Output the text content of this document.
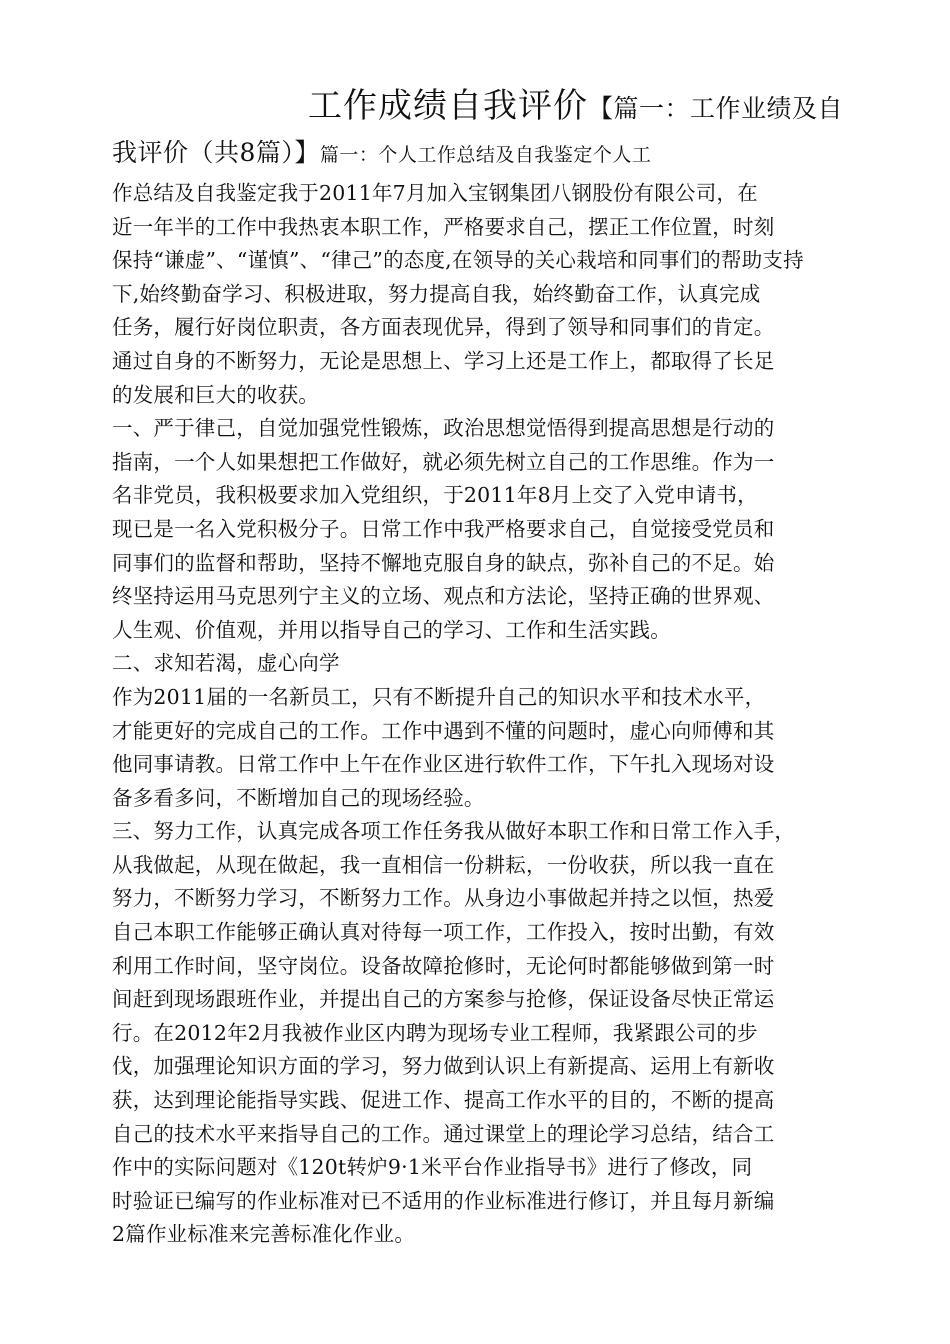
工作成绩自我评价【篇一：工作业绩及自我评价（共8篇）】篇一：个人工作总结及自我鉴定个人工

作总结及自我鉴定我于2011年7月加入宝钢集团八钢股份有限公司，在

近一年半的工作中我热衷本职工作，严格要求自己，摆正工作位置，时刻

保持“谦虚”、“谨慎”、“律己”的态度,在领导的关心栽培和同事们的帮助支持

下,始终勤奋学习、积极进取，努力提高自我，始终勤奋工作，认真完成

任务，履行好岗位职责，各方面表现优异，得到了领导和同事们的肯定。

通过自身的不断努力，无论是思想上、学习上还是工作上，都取得了长足

的发展和巨大的收获。

一、严于律己，自觉加强党性锻炼，政治思想觉悟得到提高思想是行动的

指南，一个人如果想把工作做好，就必须先树立自己的工作思维。作为一

名非党员，我积极要求加入党组织，于2011年8月上交了入党申请书，

现已是一名入党积极分子。日常工作中我严格要求自己，自觉接受党员和

同事们的监督和帮助，坚持不懈地克服自身的缺点，弥补自己的不足。始

终坚持运用马克思列宁主义的立场、观点和方法论，坚持正确的世界观、

人生观、价值观，并用以指导自己的学习、工作和生活实践。

二、求知若渴，虚心向学

作为2011届的一名新员工，只有不断提升自己的知识水平和技术水平，

才能更好的完成自己的工作。工作中遇到不懂的问题时，虚心向师傅和其

他同事请教。日常工作中上午在作业区进行软件工作，下午扎入现场对设

备多看多问，不断增加自己的现场经验。

三、努力工作，认真完成各项工作任务我从做好本职工作和日常工作入手，

从我做起，从现在做起，我一直相信一份耕耘，一份收获，所以我一直在

努力，不断努力学习，不断努力工作。从身边小事做起并持之以恒，热爱

自己本职工作能够正确认真对待每一项工作，工作投入，按时出勤，有效

利用工作时间，坚守岗位。设备故障抢修时，无论何时都能够做到第一时

间赶到现场跟班作业，并提出自己的方案参与抢修，保证设备尽快正常运

行。在2012年2月我被作业区内聘为现场专业工程师，我紧跟公司的步

伐，加强理论知识方面的学习，努力做到认识上有新提高、运用上有新收

获，达到理论能指导实践、促进工作、提高工作水平的目的，不断的提高

自己的技术水平来指导自己的工作。通过课堂上的理论学习总结，结合工

作中的实际问题对《120t转炉9·1米平台作业指导书》进行了修改，同

时验证已编写的作业标准对已不适用的作业标准进行修订，并且每月新编

2篇作业标准来完善标准化作业。
